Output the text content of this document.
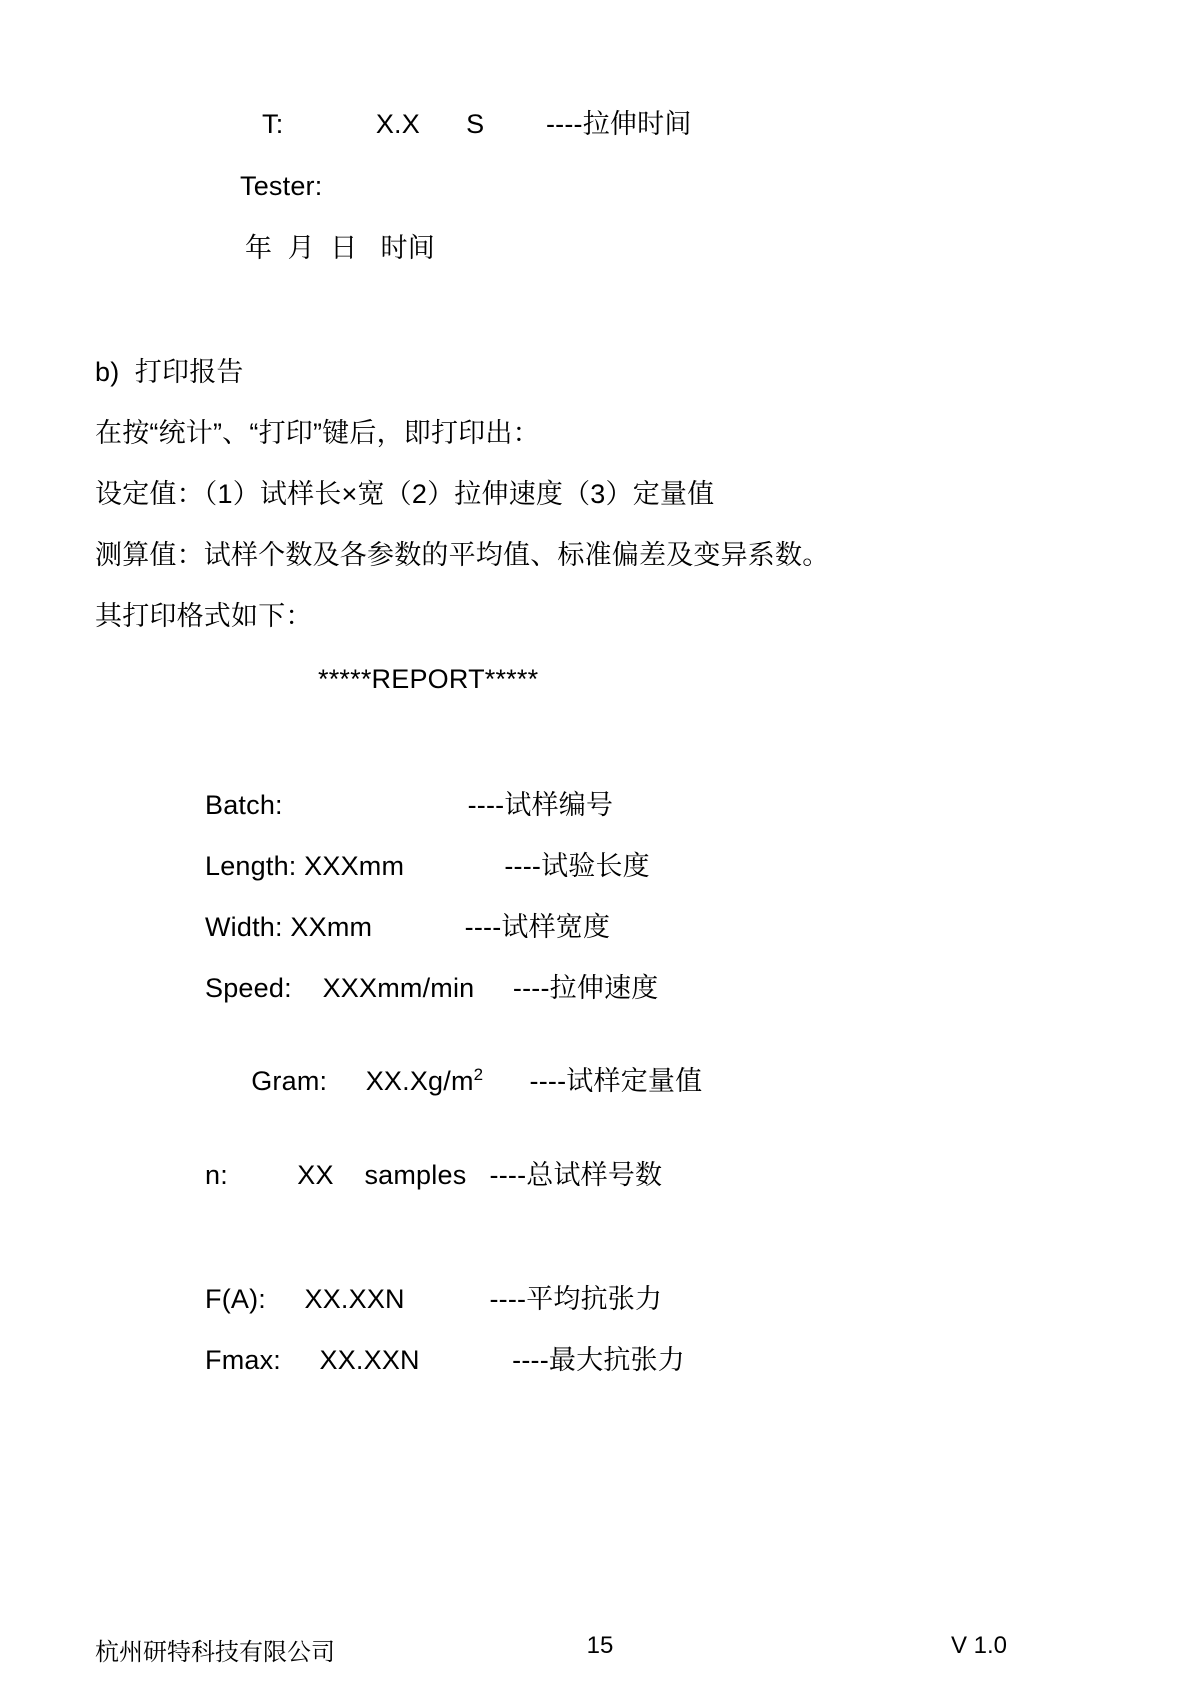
T:            X.X      S        ----拉伸时间
Tester:
年  月  日   时间
b)  打印报告
在按“统计”、“打印”键后，即打印出：
设定值：（1）试样长×宽（2）拉伸速度（3）定量值
测算值：试样个数及各参数的平均值、标准偏差及变异系数。
其打印格式如下：
*****REPORT*****
Batch:                        ----试样编号
Length: XXXmm             ----试验长度
Width: XXmm            ----试样宽度
Speed:    XXXmm/min     ----拉伸速度

Gram:     $XX.Xg/m^2$      ----试样定量值

n:         XX    samples   ----总试样号数
F(A):     XX.XXN           ----平均抗张力
Fmax:     XX.XXN            ----最大抗张力
杭州研特科技有限公司	15	V 1.0
